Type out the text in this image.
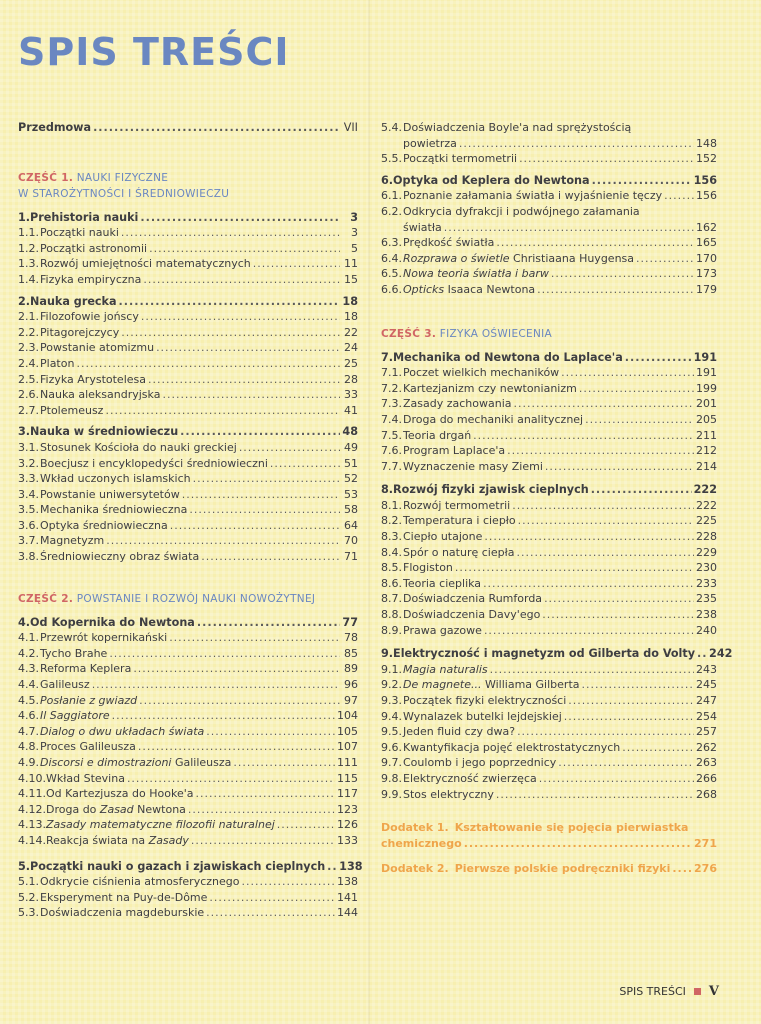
SPIS TREŚCI
Przedmowa .....	VII
CZĘŚĆ 1. NAUKI FIZYCZNE
W STAROŻYTNOŚCI I ŚREDNIOWIECZU
1. Prehistoria nauki .....	3
1.1. Początki nauki .....	3
1.2. Początki astronomii .....	5
1.3. Rozwój umiejętności matematycznych .....	11
1.4. Fizyka empiryczna .....	15
2. Nauka grecka .....	18
2.1. Filozofowie jońscy .....	18
2.2. Pitagorejczycy .....	22
2.3. Powstanie atomizmu .....	24
2.4. Platon .....	25
2.5. Fizyka Arystotelesa .....	28
2.6. Nauka aleksandryjska .....	33
2.7. Ptolemeusz .....	41
3. Nauka w średniowieczu .....	48
3.1. Stosunek Kościoła do nauki greckiej .....	49
3.2. Boecjusz i encyklopedyści średniowieczni .....	51
3.3. Wkład uczonych islamskich .....	52
3.4. Powstanie uniwersytetów .....	53
3.5. Mechanika średniowieczna .....	58
3.6. Optyka średniowieczna .....	64
3.7. Magnetyzm .....	70
3.8. Średniowieczny obraz świata .....	71
CZĘŚĆ 2. POWSTANIE I ROZWÓJ NAUKI NOWOŻYTNEJ
4. Od Kopernika do Newtona .....	77
4.1. Przewrót kopernikański .....	78
4.2. Tycho Brahe .....	85
4.3. Reforma Keplera .....	89
4.4. Galileusz .....	96
4.5. Posłanie z gwiazd .....	97
4.6. Il Saggiatore .....	104
4.7. Dialog o dwu układach świata .....	105
4.8. Proces Galileusza .....	107
4.9. Discorsi e dimostrazioni Galileusza .....	111
4.10. Wkład Stevina .....	115
4.11. Od Kartezjusza do Hooke'a .....	117
4.12. Droga do Zasad Newtona .....	123
4.13. Zasady matematyczne filozofii naturalnej .....	126
4.14. Reakcja świata na Zasady .....	133
5. Początki nauki o gazach i zjawiskach cieplnych ..... 138
5.1. Odkrycie ciśnienia atmosferycznego .....	138
5.2. Eksperyment na Puy-de-Dôme .....	141
5.3. Doświadczenia magdeburskie .....	144
5.4. Doświadczenia Boyle'a nad sprężystością
powietrza .....	148
5.5. Początki termometrii .....	152
6. Optyka od Keplera do Newtona .....	156
6.1. Poznanie załamania światła i wyjaśnienie tęczy .....	156
6.2. Odkrycia dyfrakcji i podwójnego załamania
światła .....	162
6.3. Prędkość światła .....	165
6.4. Rozprawa o świetle Christiaana Huygensa .....	170
6.5. Nowa teoria światła i barw .....	173
6.6. Opticks Isaaca Newtona .....	179
CZĘŚĆ 3. FIZYKA OŚWIECENIA
7. Mechanika od Newtona do Laplace'a .....	191
7.1. Poczet wielkich mechaników .....	191
7.2. Kartezjanizm czy newtonianizm .....	199
7.3. Zasady zachowania .....	201
7.4. Droga do mechaniki analitycznej .....	205
7.5. Teoria drgań .....	211
7.6. Program Laplace'a .....	212
7.7. Wyznaczenie masy Ziemi .....	214
8. Rozwój fizyki zjawisk cieplnych .....	222
8.1. Rozwój termometrii .....	222
8.2. Temperatura i ciepło .....	225
8.3. Ciepło utajone .....	228
8.4. Spór o naturę ciepła .....	229
8.5. Flogiston .....	230
8.6. Teoria cieplika .....	233
8.7. Doświadczenia Rumforda .....	235
8.8. Doświadczenia Davy'ego .....	238
8.9. Prawa gazowe .....	240
9. Elektryczność i magnetyzm od Gilberta do Volty ..... 242
9.1. Magia naturalis .....	243
9.2. De magnete... Williama Gilberta .....	245
9.3. Początek fizyki elektryczności .....	247
9.4. Wynalazek butelki lejdejskiej .....	254
9.5. Jeden fluid czy dwa? .....	257
9.6. Kwantyfikacja pojęć elektrostatycznych .....	262
9.7. Coulomb i jego poprzednicy .....	263
9.8. Elektryczność zwierzęca .....	266
9.9. Stos elektryczny .....	268
Dodatek 1. Kształtowanie się pojęcia pierwiastka
chemicznego .....	271
Dodatek 2. Pierwsze polskie podręczniki fizyki ..... 276
SPIS TREŚCI V
